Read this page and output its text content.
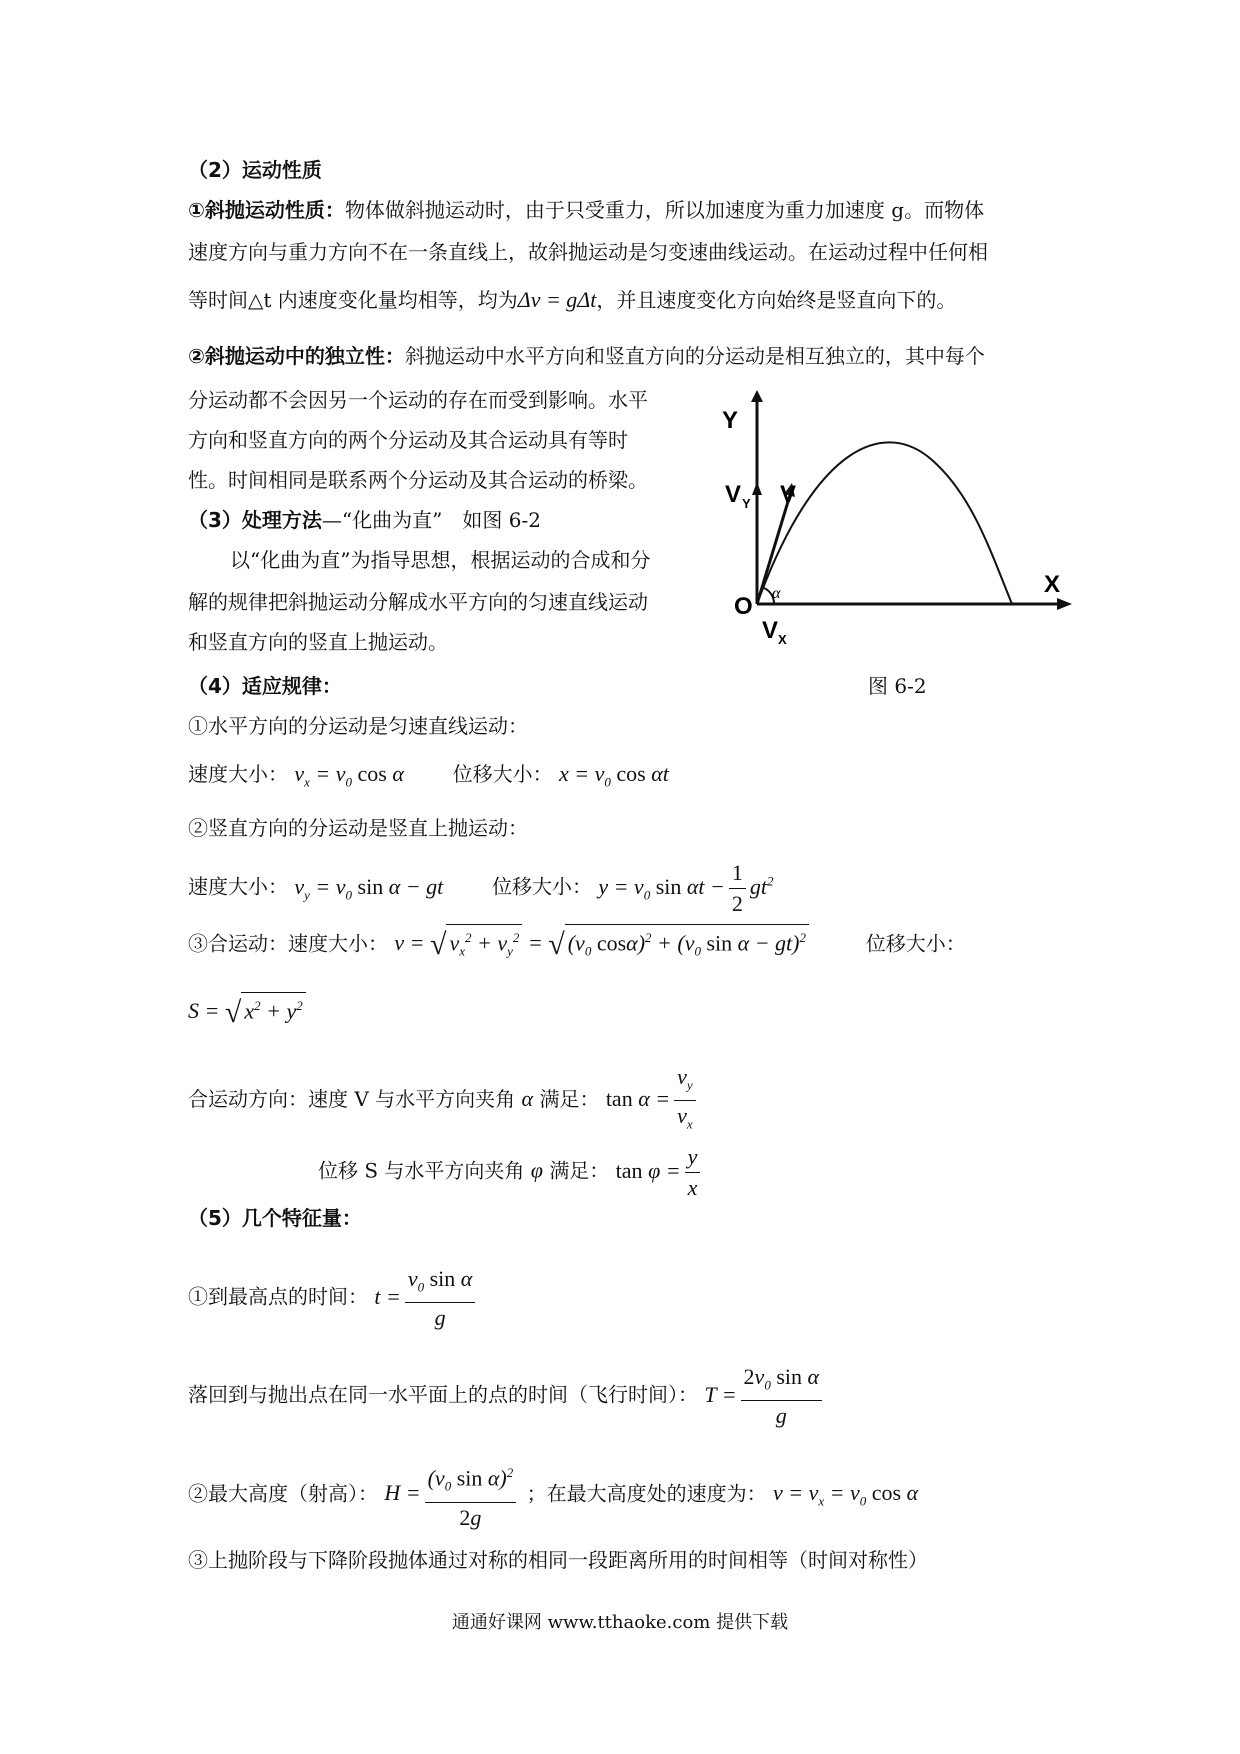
（2）运动性质
①斜抛运动性质：物体做斜抛运动时，由于只受重力，所以加速度为重力加速度 g。而物体
速度方向与重力方向不在一条直线上，故斜抛运动是匀变速曲线运动。在运动过程中任何相
等时间△t 内速度变化量均相等，均为Δv = gΔt，并且速度变化方向始终是竖直向下的。
②斜抛运动中的独立性：斜抛运动中水平方向和竖直方向的分运动是相互独立的，其中每个
分运动都不会因另一个运动的存在而受到影响。水平
方向和竖直方向的两个分运动及其合运动具有等时
性。时间相同是联系两个分运动及其合运动的桥梁。
（3）处理方法—“化曲为直”　如图 6-2
以“化曲为直”为指导思想，根据运动的合成和分
解的规律把斜抛运动分解成水平方向的匀速直线运动
和竖直方向的竖直上抛运动。
Y
X
O
V Y V
V X
α
图 6-2
（4）适应规律：
①水平方向的分运动是匀速直线运动：
速度大小： $v_x = v_0$ cos α 位移大小： $x = v_0$ cos αt
②竖直方向的分运动是竖直上抛运动：
速度大小： $v_y = v_0$ sin α − gt 位移大小： $y = v_0$ $\sin \alpha t - \frac{1}{2} gt^2$
③合运动：速度大小： v = √ $v_x^2 + v_y^2$ = √ ($v_0$ $\cos\alpha)^2 + (v_0$ sin α − gt)$^2$	位移大小：
S = √ $x^2 + y^2$
合运动方向：速度 V 与水平方向夹角 α 满足： $\tan \alpha = \frac{v_y}{v_x}$
位移 S 与水平方向夹角 φ 满足： $\tan \varphi = \frac{y}{x}$
（5）几个特征量：
①到最高点的时间： $t = \frac{v_0 \sin \alpha}{g}$
落回到与抛出点在同一水平面上的点的时间（飞行时间）： $T = \frac{2v_0 \sin \alpha}{g}$
②最大高度（射高）： $H = \frac{(v_0 \sin \alpha)^2}{2g}$ ；在最大高度处的速度为： $v = v_x = v_0$ cos α
③上抛阶段与下降阶段抛体通过对称的相同一段距离所用的时间相等（时间对称性）
通通好课网 www.tthaoke.com 提供下载
